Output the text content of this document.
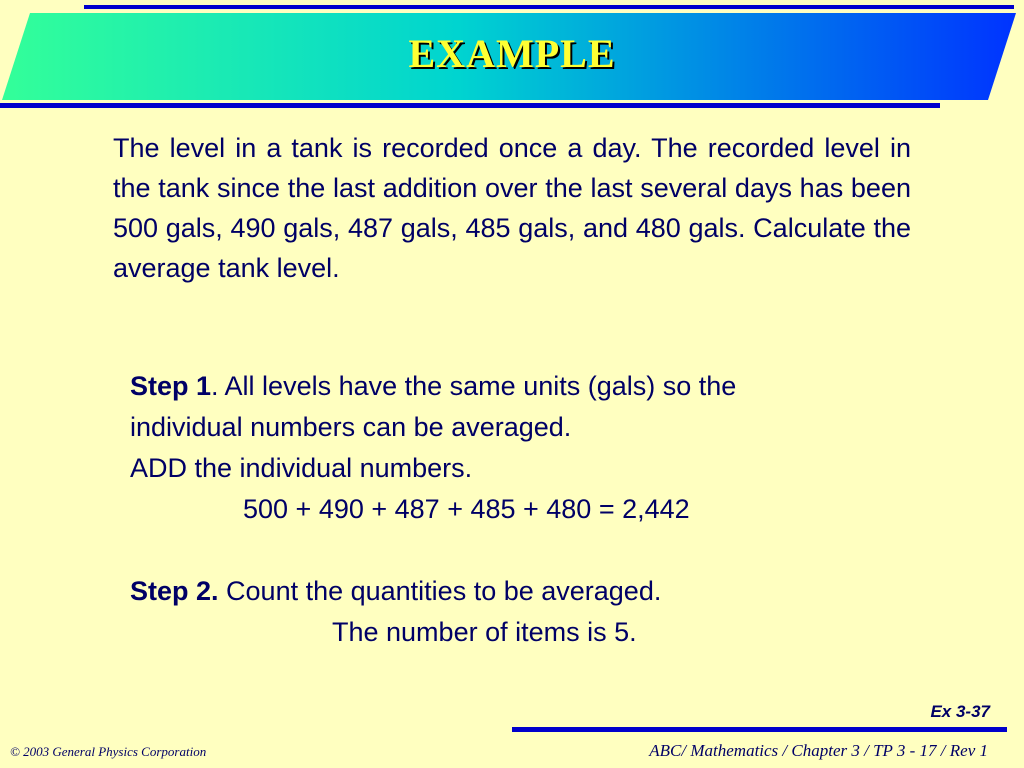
EXAMPLE
The level in a tank is recorded once a day. The recorded level in the tank since the last addition over the last several days has been 500 gals, 490 gals, 487 gals, 485 gals, and 480 gals. Calculate the average tank level.
Step 1. All levels have the same units (gals) so the
individual numbers can be averaged.
ADD the individual numbers.
500 + 490 + 487 + 485 + 480 = 2,442
Step 2. Count the quantities to be averaged.
The number of items is 5.
Ex 3-37
© 2003 General Physics Corporation	ABC/ Mathematics / Chapter 3 / TP 3 - 17 / Rev 1
